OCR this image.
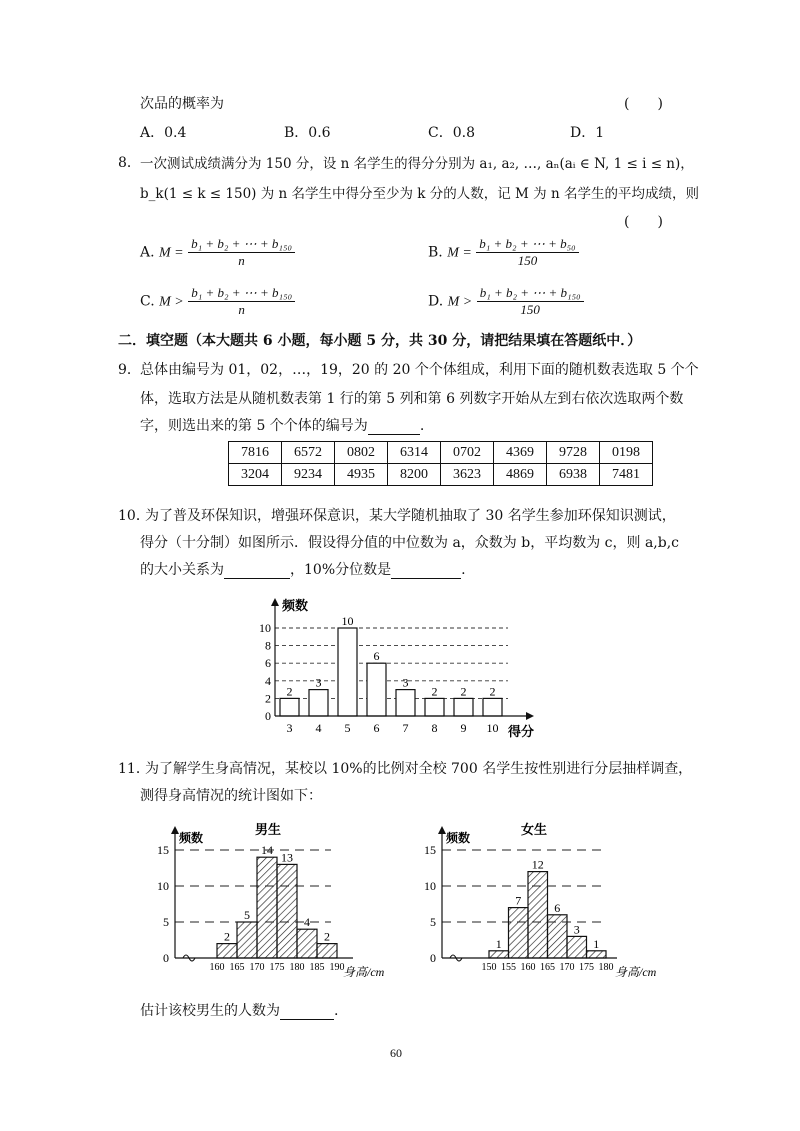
次品的概率为	(　　)
A．0.4	B．0.6	C．0.8	D．1
8． 一次测试成绩满分为 150 分，设 n 名学生的得分分别为 a₁, a₂, …, aₙ(aᵢ ∈ N, 1 ≤ i ≤ n)，
b_k(1 ≤ k ≤ 150) 为 n 名学生中得分至少为 k 分的人数，记 M 为 n 名学生的平均成绩，则
(　　)
A. $M = \frac{\text{b₁ + b₂ + ⋯ + b₁₅₀}}{n}$	B. $M = \frac{\text{b₁ + b₂ + ⋯ + b₅₀}}{150}$
C. $M > \frac{\text{b₁ + b₂ + ⋯ + b₁₅₀}}{n}$	D. $M > \frac{\text{b₁ + b₂ + ⋯ + b₁₅₀}}{150}$
二．填空题（本大题共 6 小题，每小题 5 分，共 30 分，请把结果填在答题纸中．）
9． 总体由编号为 01，02，…，19，20 的 20 个个体组成，利用下面的随机数表选取 5 个个
体，选取方法是从随机数表第 1 行的第 5 列和第 6 列数字开始从左到右依次选取两个数
字，则选出来的第 5 个个体的编号为	.
7816	6572	0802	6314	0702	4369	9728	0198
3204	9234	4935	8200	3623	4869	6938	7481
10．
为了普及环保知识，增强环保意识，某大学随机抽取了 30 名学生参加环保知识测试，
得分（十分制）如图所示．假设得分值的中位数为 a，众数为 b，平均数为 c，则 a,b,c
的大小关系为	，10%分位数是	.
2
3
10
6
3
2 2 2
0
2
4
6
8
10
3 4 5 6 7 8 9 10
频数
得分
11．
为了解学生身高情况，某校以 10%的比例对全校 700 名学生按性别进行分层抽样调查，
测得身高情况的统计图如下：
2
5
14
13
4
2
0
5
10
15
160 165 170 175 180 185 190
频数
男生
身高/cm
1
7
12
6
3
1
0
5
10
15
150 155 160 165 170 175 180
频数
女生
身高/cm
估计该校男生的人数为	.
60
